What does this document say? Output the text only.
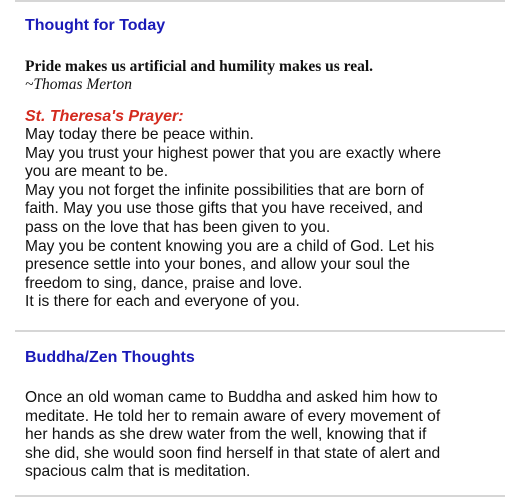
Thought for Today
Pride makes us artificial and humility makes us real.
~Thomas Merton
St. Theresa's Prayer:
May today there be peace within.
May you trust your highest power that you are exactly where
you are meant to be.
May you not forget the infinite possibilities that are born of
faith. May you use those gifts that you have received, and
pass on the love that has been given to you.
May you be content knowing you are a child of God. Let his
presence settle into your bones, and allow your soul the
freedom to sing, dance, praise and love.
It is there for each and everyone of you.
Buddha/Zen Thoughts
Once an old woman came to Buddha and asked him how to
meditate. He told her to remain aware of every movement of
her hands as she drew water from the well, knowing that if
she did, she would soon find herself in that state of alert and
spacious calm that is meditation.
